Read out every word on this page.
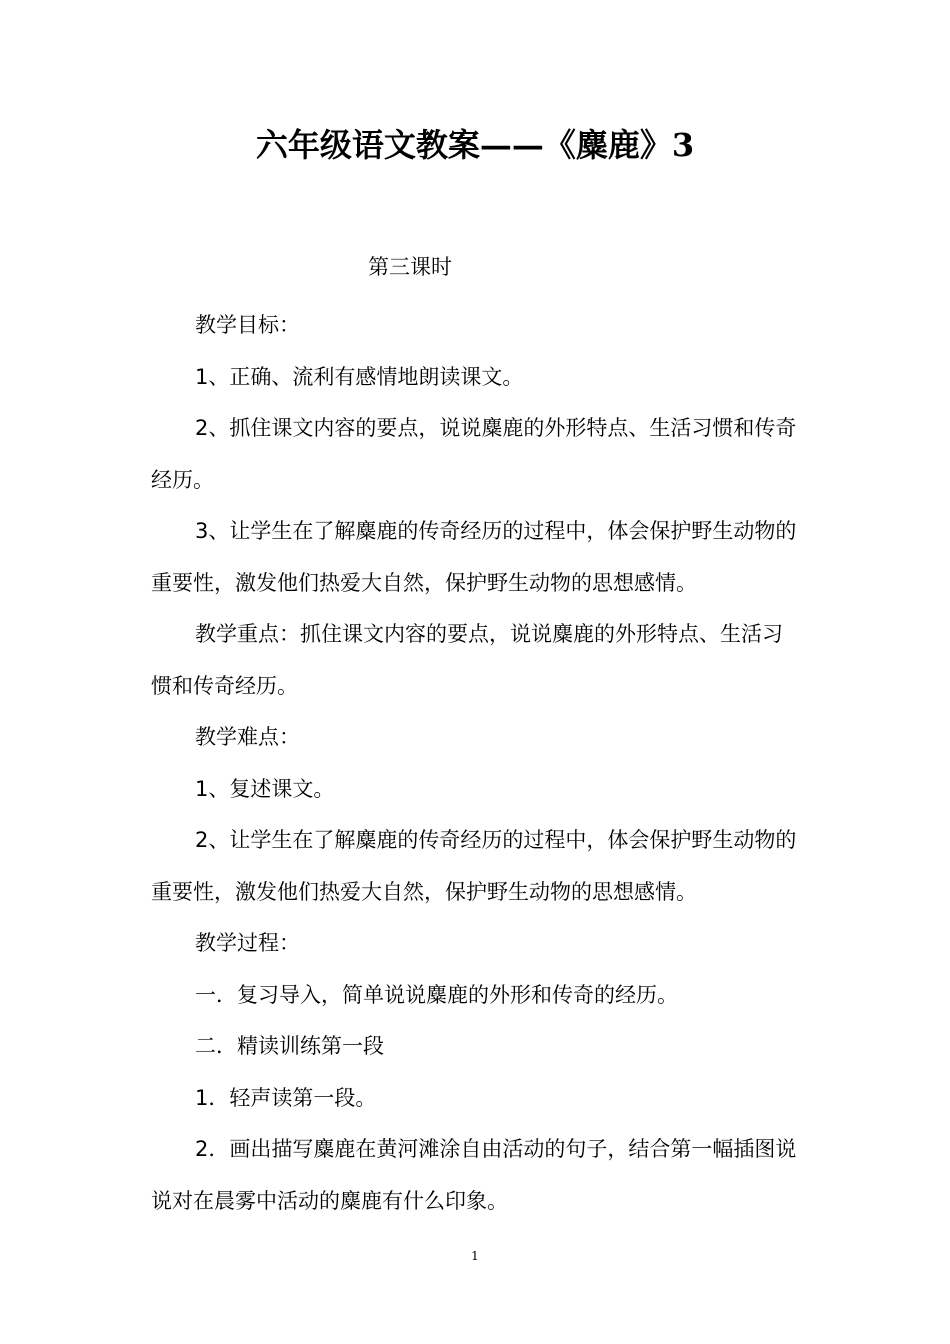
六年级语文教案——《麋鹿》3

第三课时

教学目标：

1、正确、流利有感情地朗读课文。

2、抓住课文内容的要点，说说麋鹿的外形特点、生活习惯和传奇经历。

3、让学生在了解麋鹿的传奇经历的过程中，体会保护野生动物的重要性，激发他们热爱大自然，保护野生动物的思想感情。

教学重点：抓住课文内容的要点，说说麋鹿的外形特点、生活习惯和传奇经历。

教学难点：

1、复述课文。

2、让学生在了解麋鹿的传奇经历的过程中，体会保护野生动物的重要性，激发他们热爱大自然，保护野生动物的思想感情。

教学过程：

一．复习导入，简单说说麋鹿的外形和传奇的经历。

二．精读训练第一段

1．轻声读第一段。

2．画出描写麋鹿在黄河滩涂自由活动的句子，结合第一幅插图说说对在晨雾中活动的麋鹿有什么印象。

1
